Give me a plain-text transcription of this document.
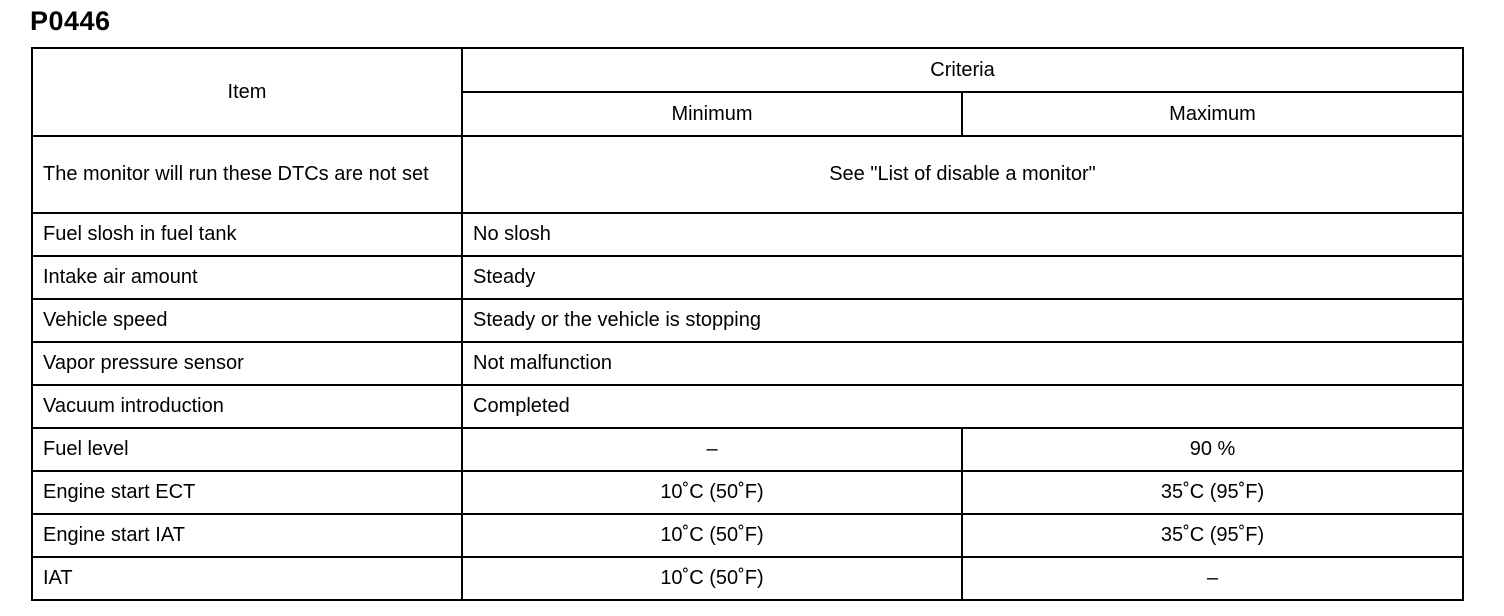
P0446
Item	Criteria	
	Minimum	Maximum
The monitor will run these DTCs are not set	See "List of disable a monitor"	
Fuel slosh in fuel tank	No slosh	
Intake air amount	Steady	
Vehicle speed	Steady or the vehicle is stopping	
Vapor pressure sensor	Not malfunction	
Vacuum introduction	Completed	
Fuel level	–	90 %
Engine start ECT	10˚C (50˚F)	35˚C (95˚F)
Engine start IAT	10˚C (50˚F)	35˚C (95˚F)
IAT	10˚C (50˚F)	–
